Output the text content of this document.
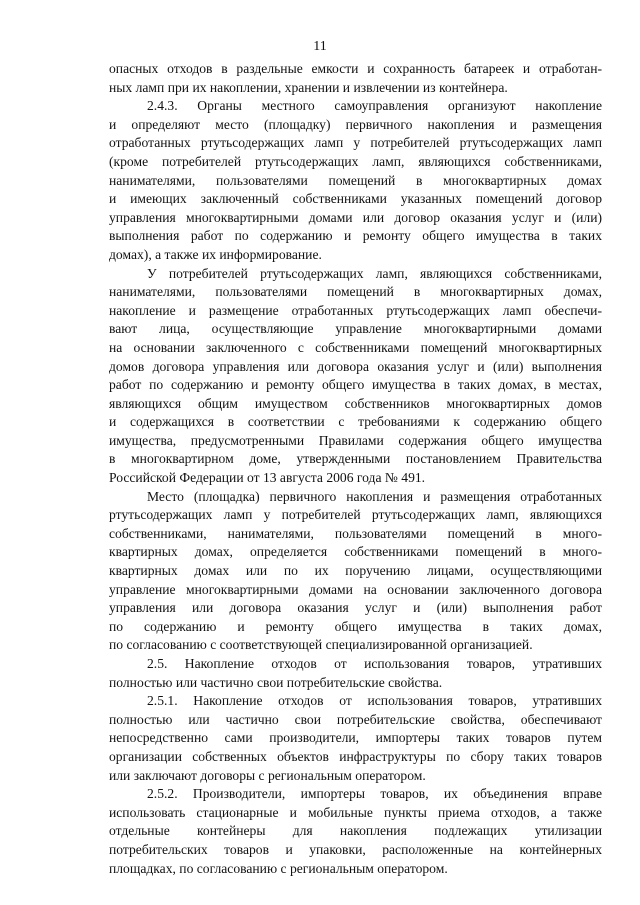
11
опасных отходов в раздельные емкости и сохранность батареек и отработан-
ных ламп при их накоплении, хранении и извлечении из контейнера.
2.4.3. Органы местного самоуправления организуют накопление
и определяют место (площадку) первичного накопления и размещения
отработанных ртутьсодержащих ламп у потребителей ртутьсодержащих ламп
(кроме потребителей ртутьсодержащих ламп, являющихся собственниками,
нанимателями, пользователями помещений в многоквартирных домах
и имеющих заключенный собственниками указанных помещений договор
управления многоквартирными домами или договор оказания услуг и (или)
выполнения работ по содержанию и ремонту общего имущества в таких
домах), а также их информирование.
У потребителей ртутьсодержащих ламп, являющихся собственниками,
нанимателями, пользователями помещений в многоквартирных домах,
накопление и размещение отработанных ртутьсодержащих ламп обеспечи-
вают лица, осуществляющие управление многоквартирными домами
на основании заключенного с собственниками помещений многоквартирных
домов договора управления или договора оказания услуг и (или) выполнения
работ по содержанию и ремонту общего имущества в таких домах, в местах,
являющихся общим имуществом собственников многоквартирных домов
и содержащихся в соответствии с требованиями к содержанию общего
имущества, предусмотренными Правилами содержания общего имущества
в многоквартирном доме, утвержденными постановлением Правительства
Российской Федерации от 13 августа 2006 года № 491.
Место (площадка) первичного накопления и размещения отработанных
ртутьсодержащих ламп у потребителей ртутьсодержащих ламп, являющихся
собственниками, нанимателями, пользователями помещений в много-
квартирных домах, определяется собственниками помещений в много-
квартирных домах или по их поручению лицами, осуществляющими
управление многоквартирными домами на основании заключенного договора
управления или договора оказания услуг и (или) выполнения работ
по содержанию и ремонту общего имущества в таких домах,
по согласованию с соответствующей специализированной организацией.
2.5. Накопление отходов от использования товаров, утративших
полностью или частично свои потребительские свойства.
2.5.1. Накопление отходов от использования товаров, утративших
полностью или частично свои потребительские свойства, обеспечивают
непосредственно сами производители, импортеры таких товаров путем
организации собственных объектов инфраструктуры по сбору таких товаров
или заключают договоры с региональным оператором.
2.5.2. Производители, импортеры товаров, их объединения вправе
использовать стационарные и мобильные пункты приема отходов, а также
отдельные контейнеры для накопления подлежащих утилизации
потребительских товаров и упаковки, расположенные на контейнерных
площадках, по согласованию с региональным оператором.
